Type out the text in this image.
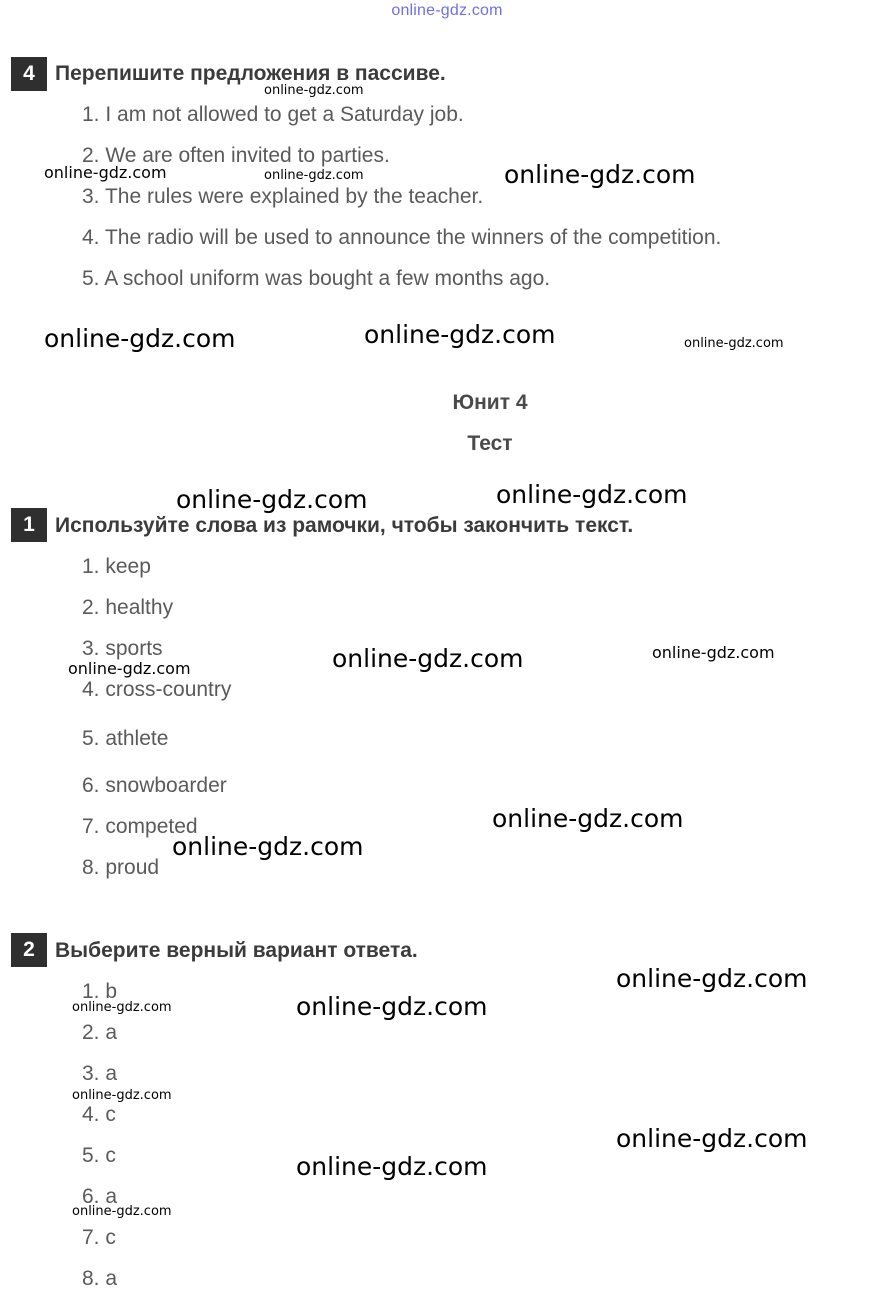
online-gdz.com
4 Перепишите предложения в пассиве.
1. I am not allowed to get a Saturday job.
2. We are often invited to parties.
3. The rules were explained by the teacher.
4. The radio will be used to announce the winners of the competition.
5. A school uniform was bought a few months ago.
Юнит 4
Тест
1 Используйте слова из рамочки, чтобы закончить текст.
1. keep
2. healthy
3. sports
4. cross-country
5. athlete
6. snowboarder
7. competed
8. proud
2 Выберите верный вариант ответа.
1. b
2. a
3. a
4. c
5. c
6. a
7. c
8. a
online-gdz.com
online-gdz.com	online-gdz.com	online-gdz.com
online-gdz.com	online-gdz.com	online-gdz.com
online-gdz.com	online-gdz.com
online-gdz.com	online-gdz.com	online-gdz.com
online-gdz.com
online-gdz.com
online-gdz.com
online-gdz.com	online-gdz.com
online-gdz.com
online-gdz.com
online-gdz.com
online-gdz.com
